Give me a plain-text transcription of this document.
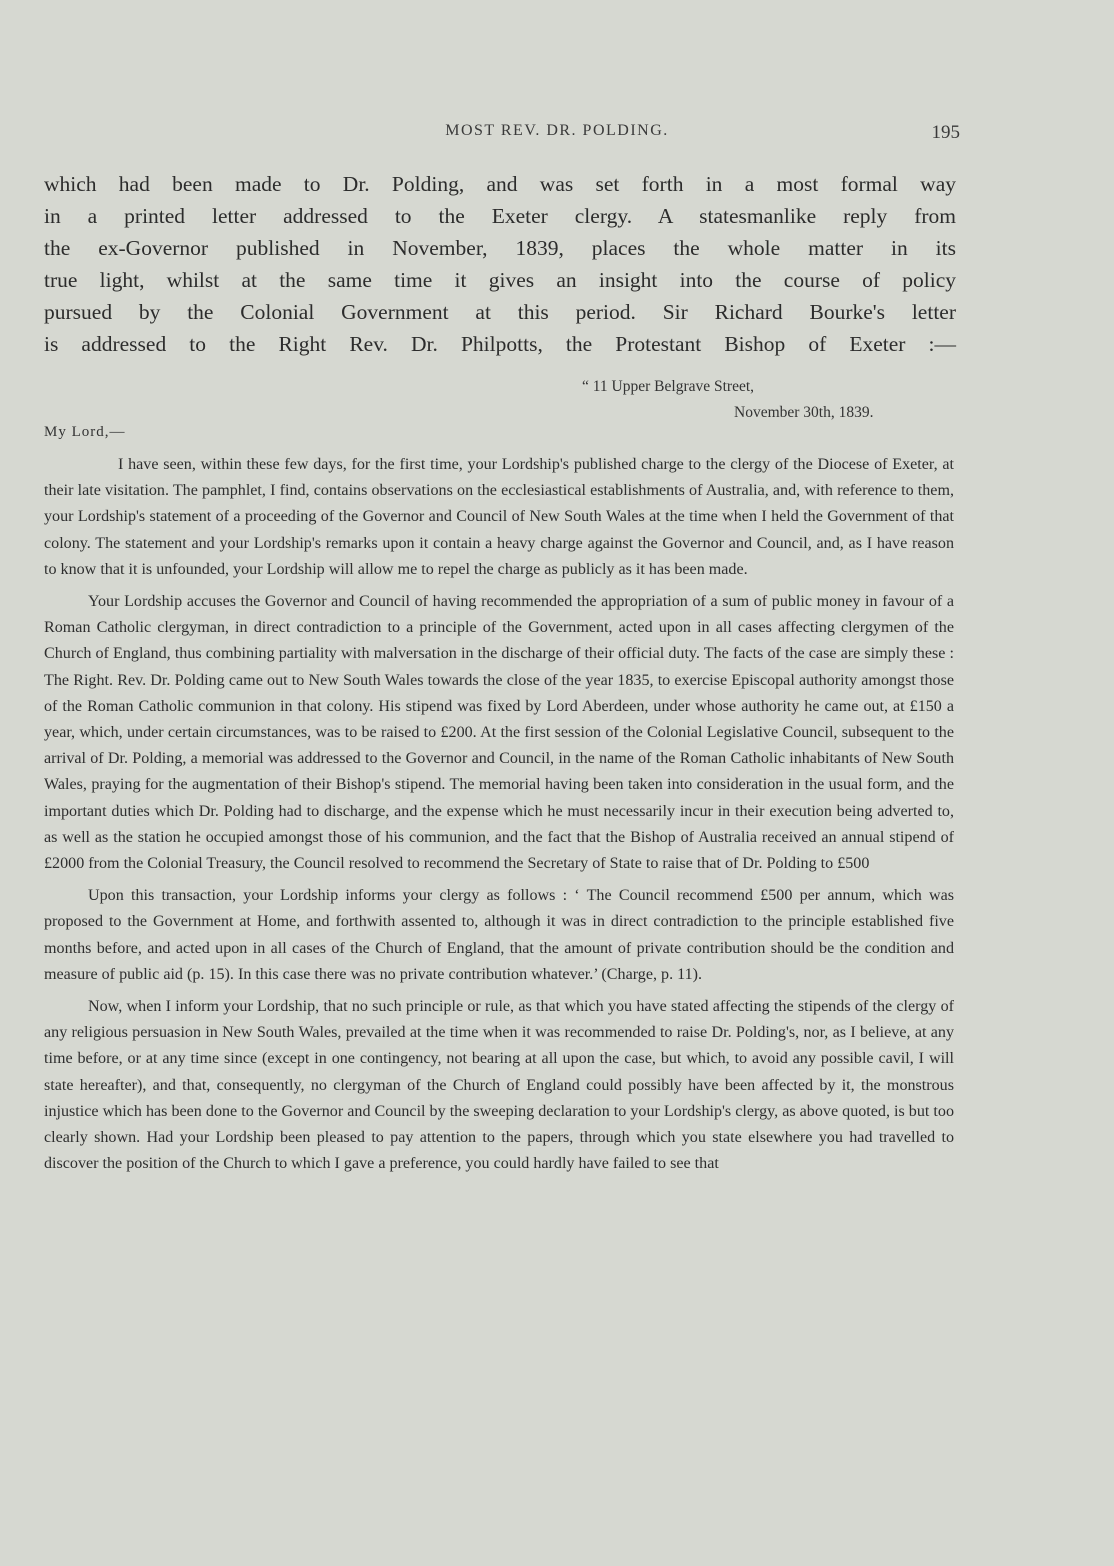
MOST REV. DR. POLDING.	195
which had been made to Dr. Polding, and was set forth in a most formal way
in a printed letter addressed to the Exeter clergy. A statesmanlike reply from
the ex-Governor published in November, 1839, places the whole matter in its
true light, whilst at the same time it gives an insight into the course of policy
pursued by the Colonial Government at this period. Sir Richard Bourke's letter
is addressed to the Right Rev. Dr. Philpotts, the Protestant Bishop of Exeter :—
“ 11 Upper Belgrave Street,
November 30th, 1839.
My Lord,—

I have seen, within these few days, for the first time, your Lordship's published charge to the clergy of the Diocese of Exeter, at their late visitation. The pamphlet, I find, contains observations on the ecclesiastical establishments of Australia, and, with reference to them, your Lordship's statement of a proceeding of the Governor and Council of New South Wales at the time when I held the Government of that colony. The statement and your Lordship's remarks upon it contain a heavy charge against the Governor and Council, and, as I have reason to know that it is unfounded, your Lordship will allow me to repel the charge as publicly as it has been made.

Your Lordship accuses the Governor and Council of having recommended the appropriation of a sum of public money in favour of a Roman Catholic clergyman, in direct contradiction to a principle of the Government, acted upon in all cases affecting clergymen of the Church of England, thus combining partiality with malversation in the discharge of their official duty. The facts of the case are simply these : The Right. Rev. Dr. Polding came out to New South Wales towards the close of the year 1835, to exercise Episcopal authority amongst those of the Roman Catholic communion in that colony. His stipend was fixed by Lord Aberdeen, under whose authority he came out, at £150 a year, which, under certain circumstances, was to be raised to £200. At the first session of the Colonial Legislative Council, subsequent to the arrival of Dr. Polding, a memorial was addressed to the Governor and Council, in the name of the Roman Catholic inhabitants of New South Wales, praying for the augmentation of their Bishop's stipend. The memorial having been taken into consideration in the usual form, and the important duties which Dr. Polding had to discharge, and the expense which he must necessarily incur in their execution being adverted to, as well as the station he occupied amongst those of his communion, and the fact that the Bishop of Australia received an annual stipend of £2000 from the Colonial Treasury, the Council resolved to recommend the Secretary of State to raise that of Dr. Polding to £500

Upon this transaction, your Lordship informs your clergy as follows : ‘ The Council recommend £500 per annum, which was proposed to the Government at Home, and forthwith assented to, although it was in direct contradiction to the principle established five months before, and acted upon in all cases of the Church of England, that the amount of private contribution should be the condition and measure of public aid (p. 15). In this case there was no private contribution whatever.’ (Charge, p. 11).

Now, when I inform your Lordship, that no such principle or rule, as that which you have stated affecting the stipends of the clergy of any religious persuasion in New South Wales, prevailed at the time when it was recommended to raise Dr. Polding's, nor, as I believe, at any time before, or at any time since (except in one contingency, not bearing at all upon the case, but which, to avoid any possible cavil, I will state hereafter), and that, consequently, no clergyman of the Church of England could possibly have been affected by it, the monstrous injustice which has been done to the Governor and Council by the sweeping declaration to your Lordship's clergy, as above quoted, is but too clearly shown. Had your Lordship been pleased to pay attention to the papers, through which you state elsewhere you had travelled to discover the position of the Church to which I gave a preference, you could hardly have failed to see that
